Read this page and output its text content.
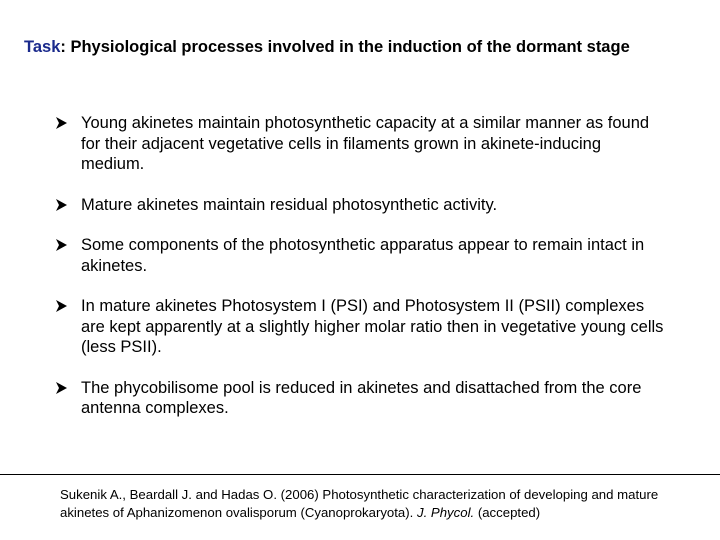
Task: Physiological processes involved in the induction of the dormant stage
Young akinetes maintain photosynthetic capacity at a similar manner as found for their adjacent vegetative cells in filaments grown in akinete-inducing medium.
Mature akinetes maintain residual photosynthetic activity.
Some components of the photosynthetic apparatus appear to remain intact in akinetes.
In mature akinetes Photosystem I (PSI) and Photosystem II (PSII) complexes are kept apparently at a slightly higher molar ratio then in vegetative young cells (less PSII).
The phycobilisome pool is reduced in akinetes and disattached from the core antenna complexes.
Sukenik A., Beardall J. and Hadas O. (2006) Photosynthetic characterization of developing and mature akinetes of Aphanizomenon ovalisporum (Cyanoprokaryota). J. Phycol. (accepted)
